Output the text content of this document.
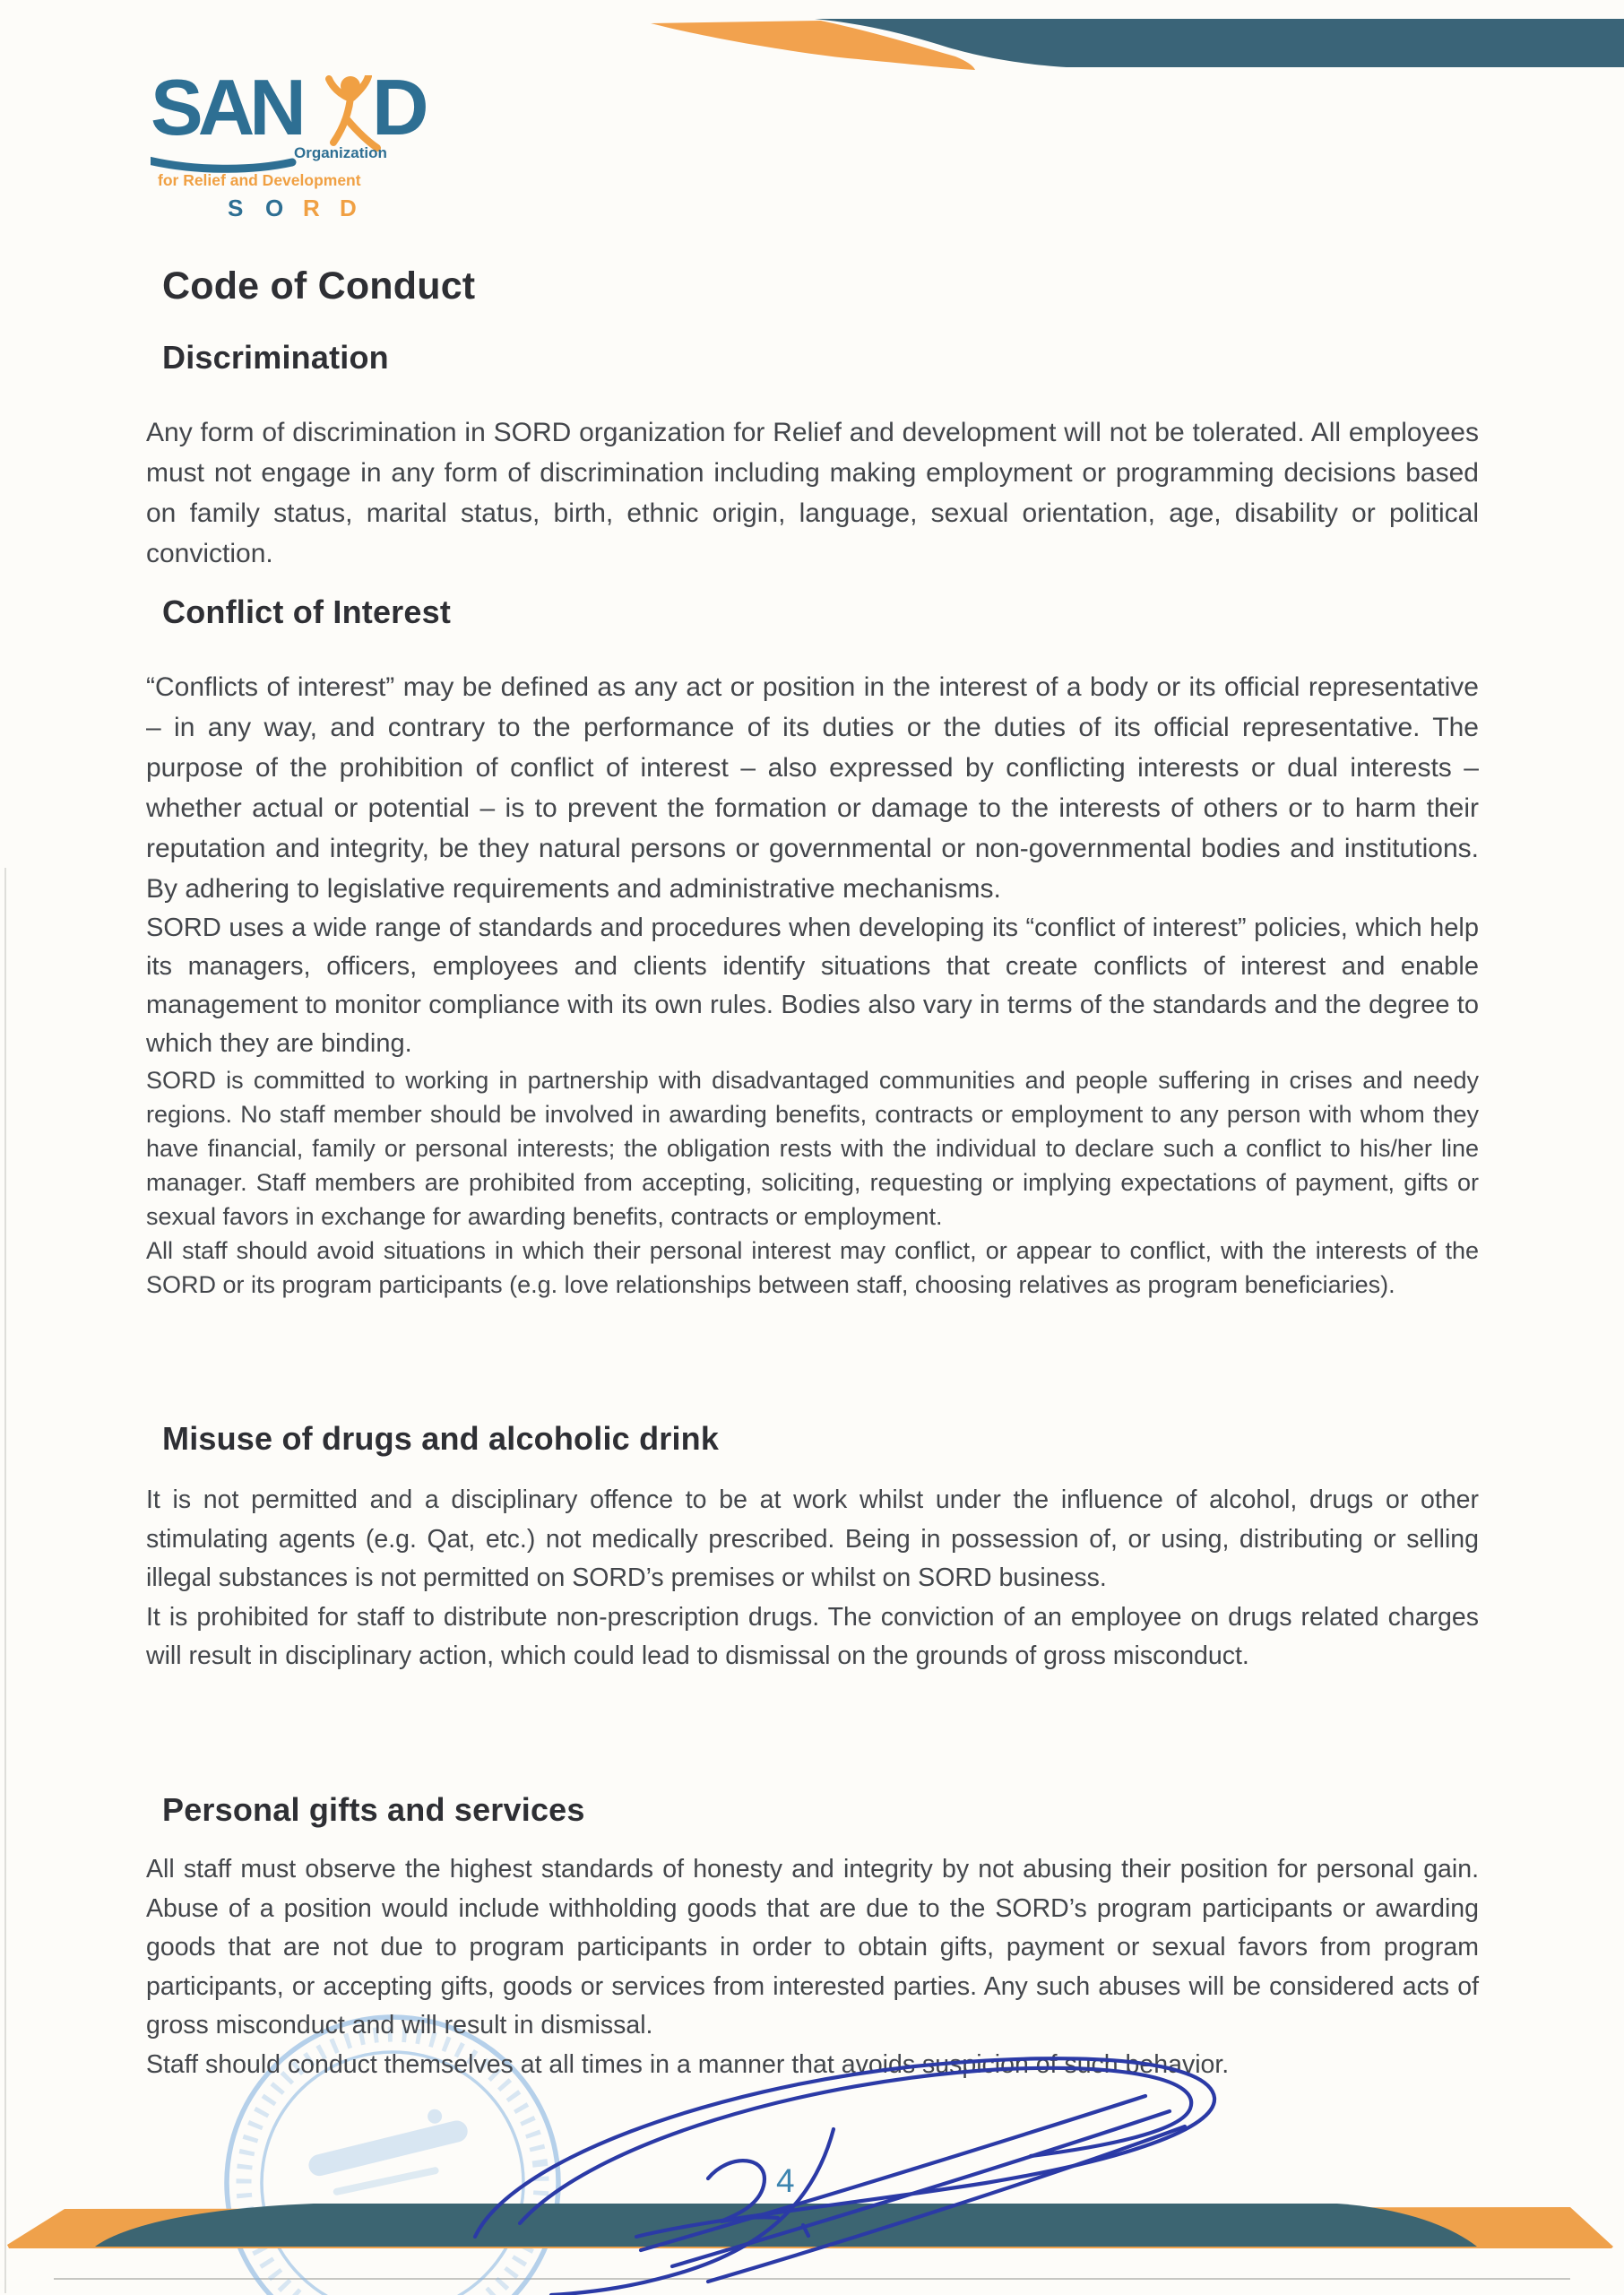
SAN D
Organization
for Relief and Development
S O R D
Code of Conduct
Discrimination

Any form of discrimination in SORD organization for Relief and development will not be tolerated. All employees must not engage in any form of discrimination including making employment or programming decisions based on family status, marital status, birth, ethnic origin, language, sexual orientation, age, disability or political conviction.

Conflict of Interest

“Conflicts of interest” may be defined as any act or position in the interest of a body or its official representative – in any way, and contrary to the performance of its duties or the duties of its official representative. The purpose of the prohibition of conflict of interest – also expressed by conflicting interests or dual interests – whether actual or potential – is to prevent the formation or damage to the interests of others or to harm their reputation and integrity, be they natural persons or governmental or non-governmental bodies and institutions. By adhering to legislative requirements and administrative mechanisms.

SORD uses a wide range of standards and procedures when developing its “conflict of interest” policies, which help its managers, officers, employees and clients identify situations that create conflicts of interest and enable management to monitor compliance with its own rules. Bodies also vary in terms of the standards and the degree to which they are binding.

SORD is committed to working in partnership with disadvantaged communities and people suffering in crises and needy regions. No staff member should be involved in awarding benefits, contracts or employment to any person with whom they have financial, family or personal interests; the obligation rests with the individual to declare such a conflict to his/her line manager. Staff members are prohibited from accepting, soliciting, requesting or implying expectations of payment, gifts or sexual favors in exchange for awarding benefits, contracts or employment.

All staff should avoid situations in which their personal interest may conflict, or appear to conflict, with the interests of the SORD or its program participants (e.g. love relationships between staff, choosing relatives as program beneficiaries).

Misuse of drugs and alcoholic drink

It is not permitted and a disciplinary offence to be at work whilst under the influence of alcohol, drugs or other stimulating agents (e.g. Qat, etc.) not medically prescribed. Being in possession of, or using, distributing or selling illegal substances is not permitted on SORD’s premises or whilst on SORD business.

It is prohibited for staff to distribute non-prescription drugs. The conviction of an employee on drugs related charges will result in disciplinary action, which could lead to dismissal on the grounds of gross misconduct.

Personal gifts and services

All staff must observe the highest standards of honesty and integrity by not abusing their position for personal gain. Abuse of a position would include withholding goods that are due to the SORD’s program participants or awarding goods that are not due to program participants in order to obtain gifts, payment or sexual favors from program participants, or accepting gifts, goods or services from interested parties. Any such abuses will be considered acts of gross misconduct and will result in dismissal.

Staff should conduct themselves at all times in a manner that avoids suspicion of such behavior.

4
